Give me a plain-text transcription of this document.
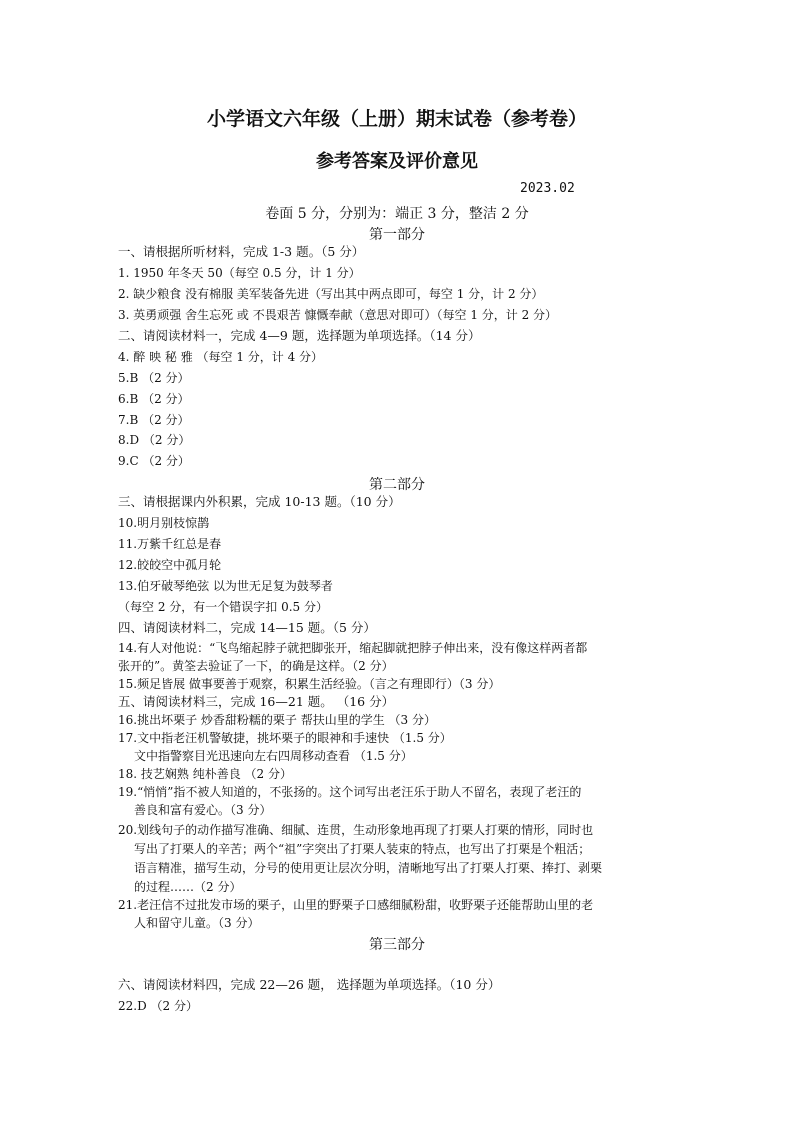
小学语文六年级（上册）期末试卷（参考卷）
参考答案及评价意见
2023.02
卷面 5 分，分别为：端正 3 分，整洁 2 分
第一部分
一、请根据所听材料，完成 1-3 题。（5 分）
1. 1950 年冬天 50（每空 0.5 分，计 1 分）
2. 缺少粮食 没有棉服 美军装备先进（写出其中两点即可，每空 1 分，计 2 分）
3. 英勇顽强 舍生忘死 或 不畏艰苦 慷慨奉献（意思对即可）（每空 1 分，计 2 分）
二、请阅读材料一，完成 4—9 题，选择题为单项选择。（14 分）
4. 醉 映 秘 雅 （每空 1 分，计 4 分）
5.B （2 分）
6.B （2 分）
7.B （2 分）
8.D （2 分）
9.C （2 分）
第二部分
三、请根据课内外积累，完成 10-13 题。（10 分）
10.明月别枝惊鹊
11.万紫千红总是春
12.皎皎空中孤月轮
13.伯牙破琴绝弦 以为世无足复为鼓琴者
（每空 2 分，有一个错误字扣 0.5 分）
四、请阅读材料二，完成 14—15 题。（5 分）
14.有人对他说：“飞鸟缩起脖子就把脚张开，缩起脚就把脖子伸出来，没有像这样两者都
张开的”。黄筌去验证了一下，的确是这样。（2 分）
15.频足皆展 做事要善于观察，积累生活经验。（言之有理即行）（3 分）
五、请阅读材料三，完成 16—21 题。 （16 分）
16.挑出坏栗子 炒香甜粉糯的栗子 帮扶山里的学生 （3 分）
17.文中指老汪机警敏捷，挑坏栗子的眼神和手速快 （1.5 分）
文中指警察目光迅速向左右四周移动查看 （1.5 分）
18. 技艺娴熟 纯朴善良 （2 分）
19.“悄悄”指不被人知道的，不张扬的。这个词写出老汪乐于助人不留名，表现了老汪的
善良和富有爱心。（3 分）
20.划线句子的动作描写准确、细腻、连贯，生动形象地再现了打栗人打栗的情形，同时也
写出了打栗人的辛苦；两个“祖”字突出了打栗人装束的特点，也写出了打栗是个粗活；
语言精准，描写生动，分号的使用更让层次分明，清晰地写出了打栗人打栗、捧打、剥栗
的过程……（2 分）
21.老汪信不过批发市场的栗子，山里的野栗子口感细腻粉甜，收野栗子还能帮助山里的老
人和留守儿童。（3 分）
第三部分
六、请阅读材料四，完成 22—26 题， 选择题为单项选择。（10 分）
22.D （2 分）
